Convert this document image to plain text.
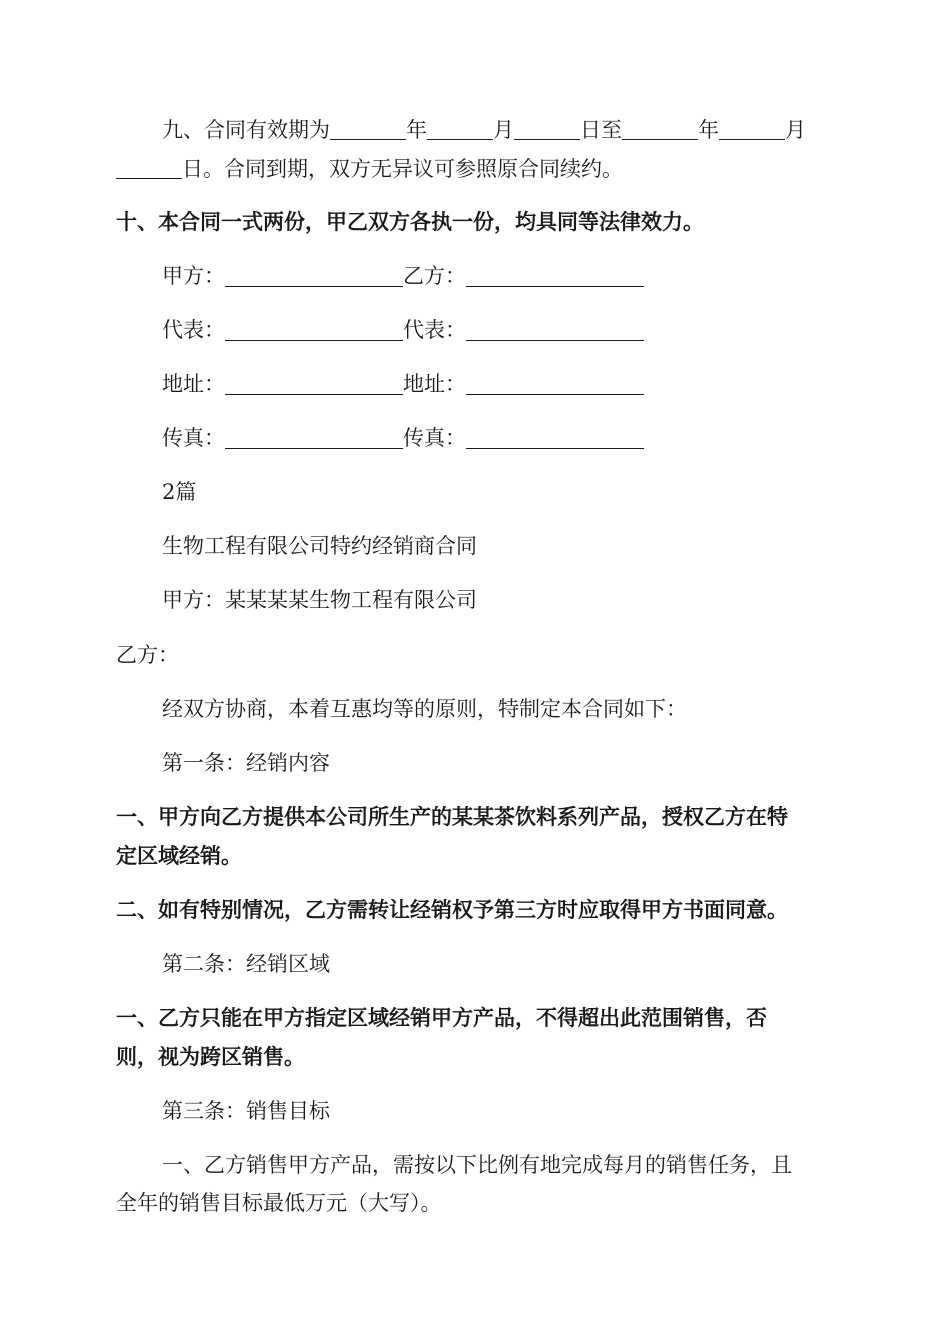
九、合同有效期为	年	月	日至	年	月
日。合同到期，双方无异议可参照原合同续约。
十、本合同一式两份，甲乙双方各执一份，均具同等法律效力。
甲方：	乙方：
代表：	代表：
地址：	地址：
传真：	传真：
2篇
生物工程有限公司特约经销商合同
甲方：某某某某生物工程有限公司
乙方：
经双方协商，本着互惠均等的原则，特制定本合同如下：
第一条：经销内容
一、甲方向乙方提供本公司所生产的某某茶饮料系列产品，授权乙方在特
定区域经销。
二、如有特别情况，乙方需转让经销权予第三方时应取得甲方书面同意。
第二条：经销区域
一、乙方只能在甲方指定区域经销甲方产品，不得超出此范围销售，否
则，视为跨区销售。
第三条：销售目标
一、乙方销售甲方产品，需按以下比例有地完成每月的销售任务，且
全年的销售目标最低万元（大写）。
